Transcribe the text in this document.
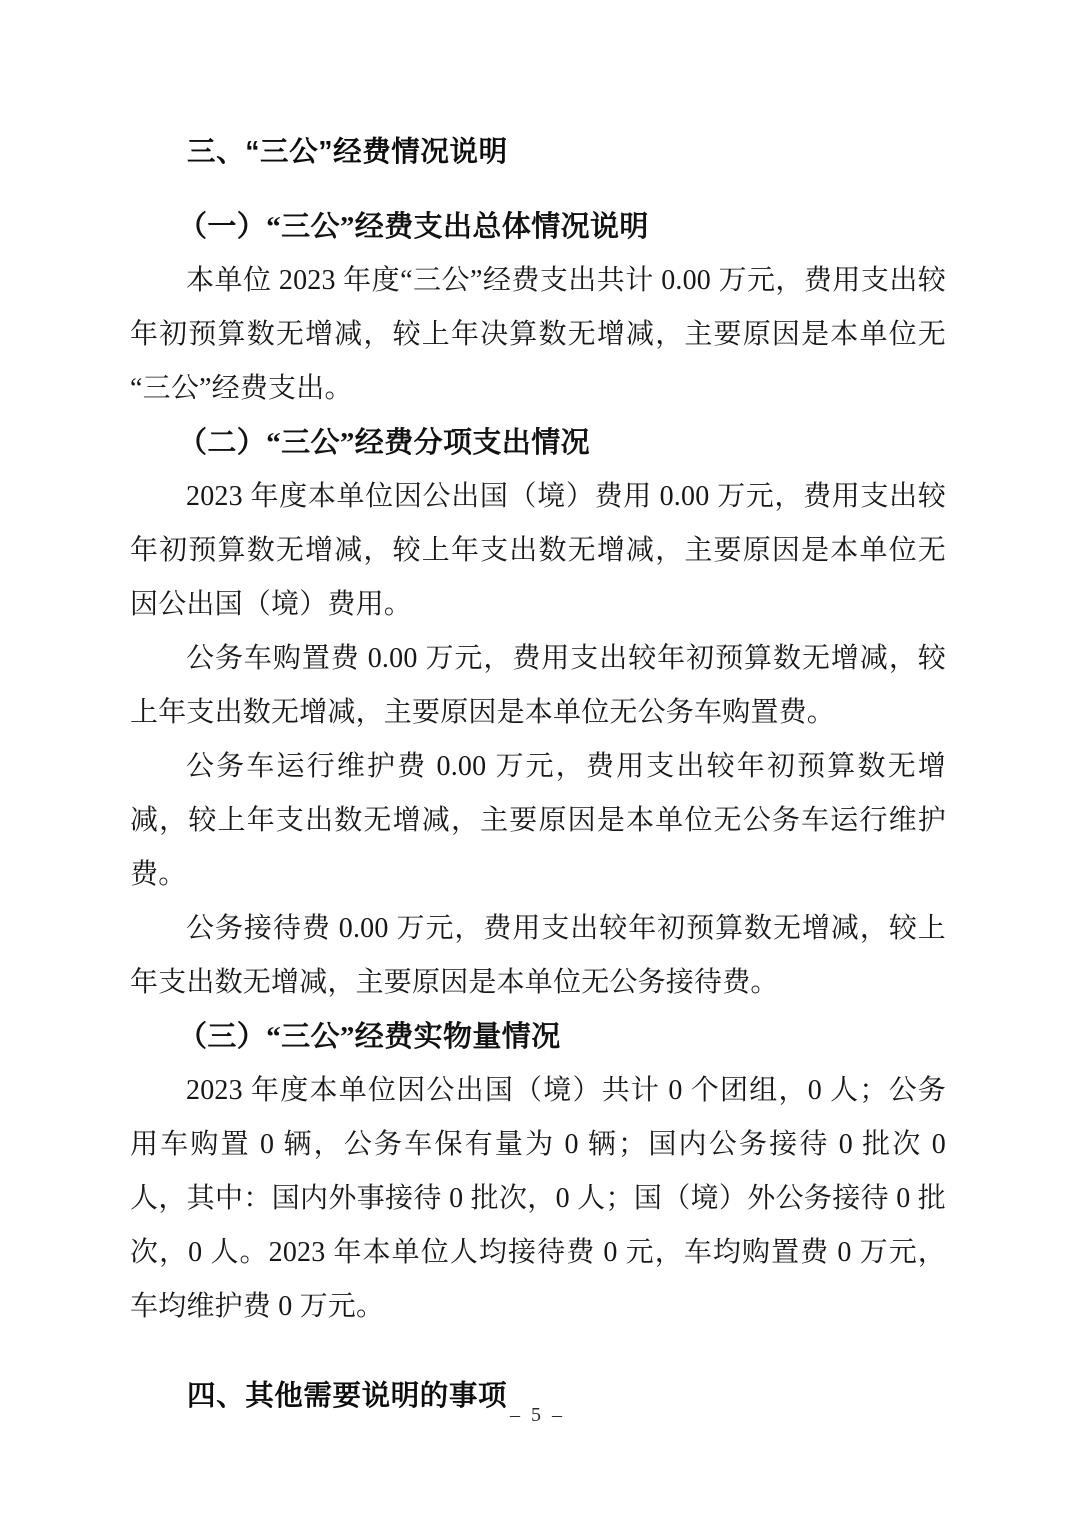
三、“三公”经费情况说明
（一）“三公”经费支出总体情况说明

本单位 2023 年度“三公”经费支出共计 0.00 万元，费用支出较年初预算数无增减，较上年决算数无增减，主要原因是本单位无“三公”经费支出。

（二）“三公”经费分项支出情况

2023 年度本单位因公出国（境）费用 0.00 万元，费用支出较年初预算数无增减，较上年支出数无增减，主要原因是本单位无因公出国（境）费用。

公务车购置费 0.00 万元，费用支出较年初预算数无增减，较上年支出数无增减，主要原因是本单位无公务车购置费。

公务车运行维护费 0.00 万元，费用支出较年初预算数无增减，较上年支出数无增减，主要原因是本单位无公务车运行维护费。

公务接待费 0.00 万元，费用支出较年初预算数无增减，较上年支出数无增减，主要原因是本单位无公务接待费。

（三）“三公”经费实物量情况

2023 年度本单位因公出国（境）共计 0 个团组，0 人；公务用车购置 0 辆，公务车保有量为 0 辆；国内公务接待 0 批次 0 人，其中：国内外事接待 0 批次，0 人；国（境）外公务接待 0 批次，0 人。2023 年本单位人均接待费 0 元，车均购置费 0 万元，车均维护费 0 万元。

四、其他需要说明的事项
– 5 –
